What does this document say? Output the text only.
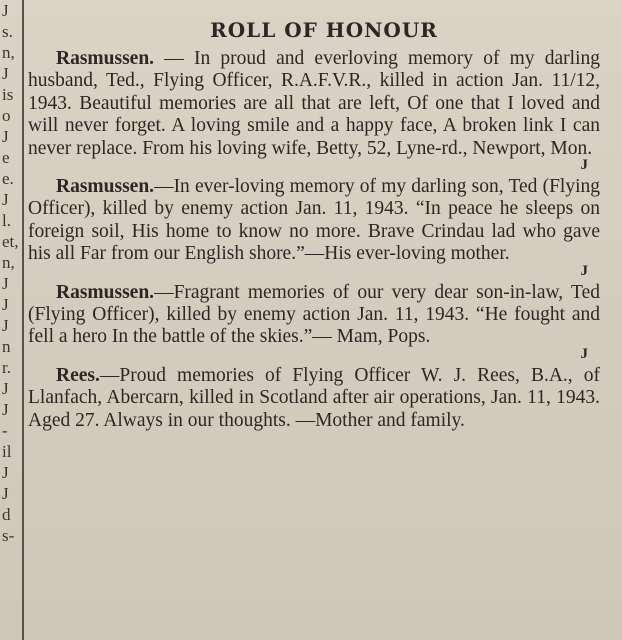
J
s.
n,
J
is
o
J
e
e.
J
l.
et,
n,
J
J
J
n
r.
J
J
-
il
J
J
d
s-
ROLL OF HONOUR

Rasmussen. — In proud and everloving memory of my darling husband, Ted., Flying Officer, R.A.F.V.R., killed in action Jan. 11/12, 1943. Beautiful memories are all that are left, Of one that I loved and will never forget. A loving smile and a happy face, A broken link I can never replace. From his loving wife, Betty, 52, Lyne-rd., Newport, Mon.
J

Rasmussen.—In ever-loving memory of my darling son, Ted (Flying Officer), killed by enemy action Jan. 11, 1943. “In peace he sleeps on foreign soil, His home to know no more. Brave Crindau lad who gave his all Far from our English shore.”—His ever-loving mother.
J

Rasmussen.—Fragrant memories of our very dear son-in-law, Ted (Flying Officer), killed by enemy action Jan. 11, 1943. “He fought and fell a hero In the battle of the skies.”— Mam, Pops.
J

Rees.—Proud memories of Flying Officer W. J. Rees, B.A., of Llanfach, Abercarn, killed in Scotland after air operations, Jan. 11, 1943. Aged 27. Always in our thoughts. —Mother and family.
